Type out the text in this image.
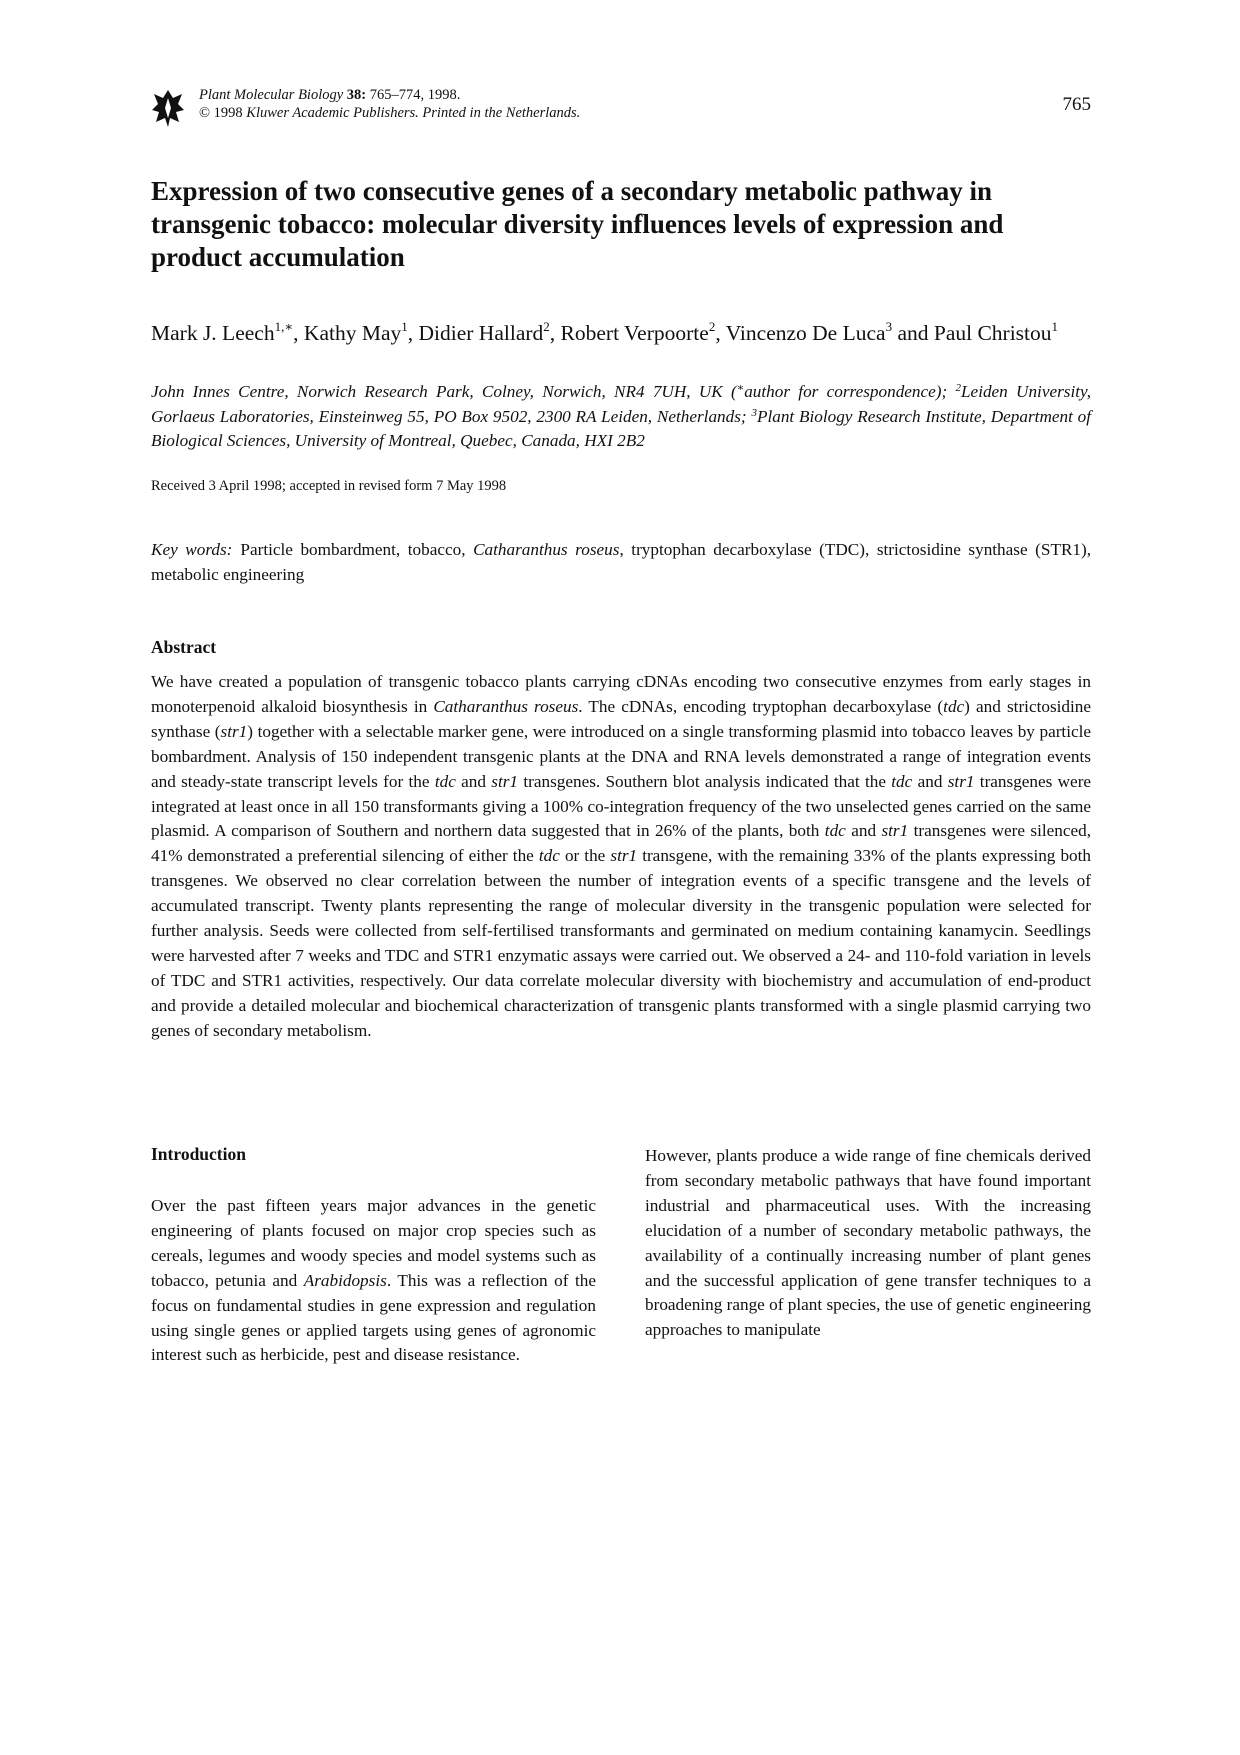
Plant Molecular Biology 38: 765–774, 1998.
© 1998 Kluwer Academic Publishers. Printed in the Netherlands.	765
Expression of two consecutive genes of a secondary metabolic pathway in transgenic tobacco: molecular diversity influences levels of expression and product accumulation
Mark J. Leech$^{1,∗}$, Kathy May$^1$, Didier Hallard$^2$, Robert Verpoorte$^2$, Vincenzo De Luca$^3$ and Paul Christou$^1$
John Innes Centre, Norwich Research Park, Colney, Norwich, NR4 7UH, UK (∗author for correspondence); $^2$Leiden University, Gorlaeus Laboratories, Einsteinweg 55, PO Box 9502, 2300 RA Leiden, Netherlands; $^3$Plant Biology Research Institute, Department of Biological Sciences, University of Montreal, Quebec, Canada, HXI 2B2
Received 3 April 1998; accepted in revised form 7 May 1998
Key words: Particle bombardment, tobacco, Catharanthus roseus, tryptophan decarboxylase (TDC), strictosidine synthase (STR1), metabolic engineering
Abstract

We have created a population of transgenic tobacco plants carrying cDNAs encoding two consecutive enzymes from early stages in monoterpenoid alkaloid biosynthesis in Catharanthus roseus. The cDNAs, encoding tryptophan decarboxylase (tdc) and strictosidine synthase (str1) together with a selectable marker gene, were introduced on a single transforming plasmid into tobacco leaves by particle bombardment. Analysis of 150 independent transgenic plants at the DNA and RNA levels demonstrated a range of integration events and steady-state transcript levels for the tdc and str1 transgenes. Southern blot analysis indicated that the tdc and str1 transgenes were integrated at least once in all 150 transformants giving a 100% co-integration frequency of the two unselected genes carried on the same plasmid. A comparison of Southern and northern data suggested that in 26% of the plants, both tdc and str1 transgenes were silenced, 41% demonstrated a preferential silencing of either the tdc or the str1 transgene, with the remaining 33% of the plants expressing both transgenes. We observed no clear correlation between the number of integration events of a specific transgene and the levels of accumulated transcript. Twenty plants representing the range of molecular diversity in the transgenic population were selected for further analysis. Seeds were collected from self-fertilised transformants and germinated on medium containing kanamycin. Seedlings were harvested after 7 weeks and TDC and STR1 enzymatic assays were carried out. We observed a 24- and 110-fold variation in levels of TDC and STR1 activities, respectively. Our data correlate molecular diversity with biochemistry and accumulation of end-product and provide a detailed molecular and biochemical characterization of transgenic plants transformed with a single plasmid carrying two genes of secondary metabolism.

Introduction

Over the past fifteen years major advances in the genetic engineering of plants focused on major crop species such as cereals, legumes and woody species and model systems such as tobacco, petunia and Arabidopsis. This was a reflection of the focus on fundamental studies in gene expression and regulation using single genes or applied targets using genes of agronomic interest such as herbicide, pest and disease resistance.

However, plants produce a wide range of fine chemicals derived from secondary metabolic pathways that have found important industrial and pharmaceutical uses. With the increasing elucidation of a number of secondary metabolic pathways, the availability of a continually increasing number of plant genes and the successful application of gene transfer techniques to a broadening range of plant species, the use of genetic engineering approaches to manipulate
